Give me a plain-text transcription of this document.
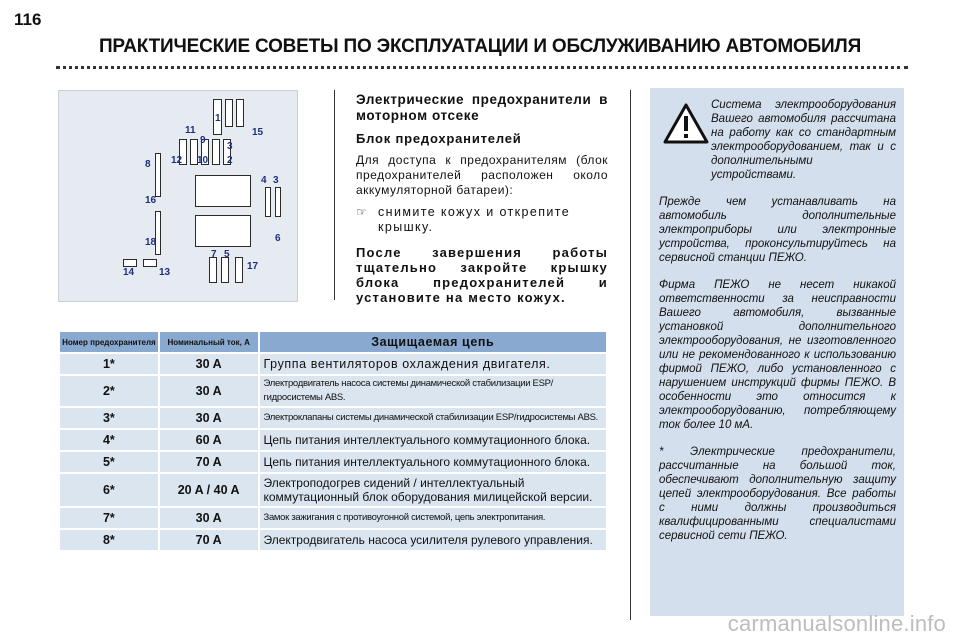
116
ПРАКТИЧЕСКИЕ СОВЕТЫ ПО ЭКСПЛУАТАЦИИ И ОБСЛУЖИВАНИЮ АВТОМОБИЛЯ
1
15
11
9
3
8 12 10 2
4 3
16
6
18
7 5
17
14 13
Электрические предохранители в моторном отсеке
Блок предохранителей
Для доступа к предохранителям (блок предохранителей расположен около аккумуляторной батареи):
☞ снимите кожух и открепите крышку.
После завершения работы тщательно закройте крышку блока предохранителей и установите на место кожух.
Номер предохранителя	Номинальный ток, А	Защищаемая цепь
1*	30 A	Группа вентиляторов охлаждения двигателя.
2*	30 A	Электродвигатель насоса системы динамической стабилизации ESP/гидросистемы ABS.
3*	30 A	Электроклапаны системы динамической стабилизации ESP/гидросистемы ABS.
4*	60 A	Цепь питания интеллектуального коммутационного блока.
5*	70 A	Цепь питания интеллектуального коммутационного блока.
6*	20 A / 40 A	Электроподогрев сидений / интеллектуальный коммутационный блок оборудования милицейской версии.
7*	30 A	Замок зажигания с противоугонной системой, цепь электропитания.
8*	70 A	Электродвигатель насоса усилителя рулевого управления.

Система электрооборудования Вашего автомобиля рассчитана на работу как со стандартным электрооборудованием, так и с дополнительными устройствами.

Прежде чем устанавливать на автомобиль дополнительные электроприборы или электронные устройства, проконсультируйтесь на сервисной станции ПЕЖО.

Фирма ПЕЖО не несет никакой ответственности за неисправности Вашего автомобиля, вызванные установкой дополнительного электрооборудования, не изготовленного или не рекомендованного к использованию фирмой ПЕЖО, либо установленного с нарушением инструкций фирмы ПЕЖО. В особенности это относится к электрооборудованию, потребляющему ток более 10 мА.

* Электрические предохранители, рассчитанные на большой ток, обеспечивают дополнительную защиту цепей электрооборудования. Все работы с ними должны производиться квалифицированными специалистами сервисной сети ПЕЖО.

carmanualsonline.info
